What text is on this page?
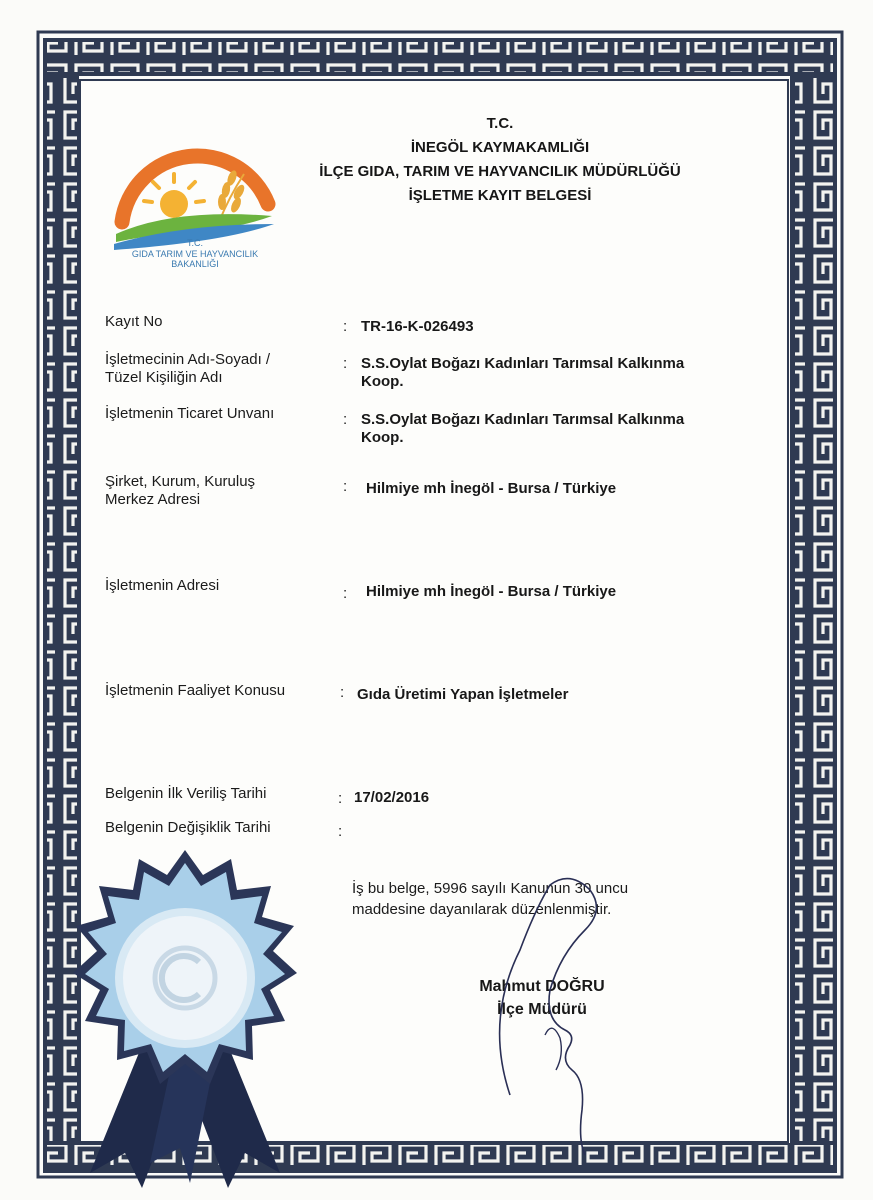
T.C.
GIDA TARIM VE HAYVANCILIK
BAKANLIĞI
T.C.
İNEGÖL KAYMAKAMLIĞI
İLÇE GIDA, TARIM VE HAYVANCILIK MÜDÜRLÜĞÜ
İŞLETME KAYIT BELGESİ
Kayıt No	: TR-16-K-026493
İşletmecinin Adı-Soyadı /
Tüzel Kişiliğin Adı
: S.S.Oylat Boğazı Kadınları Tarımsal Kalkınma
Koop.
İşletmenin Ticaret Unvanı	: S.S.Oylat Boğazı Kadınları Tarımsal Kalkınma
Koop.
Şirket, Kurum, Kuruluş
Merkez Adresi
: Hilmiye mh İnegöl - Bursa / Türkiye
İşletmenin Adresi	: Hilmiye mh İnegöl - Bursa / Türkiye
İşletmenin Faaliyet Konusu	: Gıda Üretimi Yapan İşletmeler
Belgenin İlk Veriliş Tarihi	: 17/02/2016
Belgenin Değişiklik Tarihi	:
İş bu belge, 5996 sayılı Kanunun 30 uncu
maddesine dayanılarak düzenlenmiştir.
Mahmut DOĞRU
İlçe Müdürü
